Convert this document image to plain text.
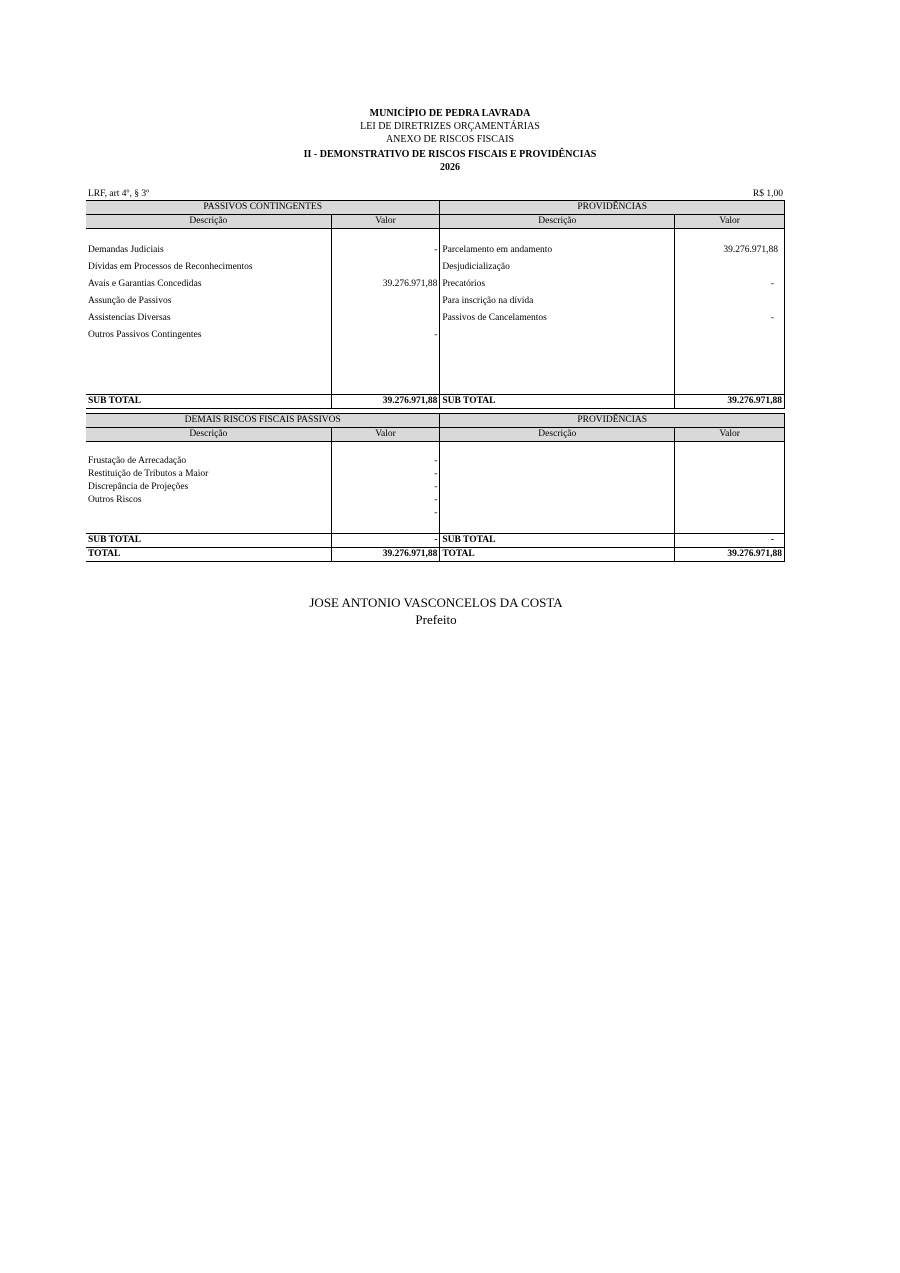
MUNICÍPIO DE PEDRA LAVRADA
LEI DE DIRETRIZES ORÇAMENTÁRIAS
ANEXO DE RISCOS FISCAIS
II - DEMONSTRATIVO DE RISCOS FISCAIS E PROVIDÊNCIAS
2026
LRF, art 4º, § 3º	R$ 1,00
PASSIVOS CONTINGENTES		PROVIDÊNCIAS	
Descrição	Valor	Descrição	Valor

Demandas Judiciais	-	Parcelamento em andamento	39.276.971,88
Dívidas em Processos de Reconhecimentos		Desjudicialização	
Avais e Garantias Concedidas	39.276.971,88	Precatórios	-
Assunção de Passivos		Para inscrição na dívida	
Assistencias Diversas		Passivos de Cancelamentos	-
Outros Passivos Contingentes	-		

SUB TOTAL	39.276.971,88	SUB TOTAL	39.276.971,88
DEMAIS RISCOS FISCAIS PASSIVOS		PROVIDÊNCIAS	
Descrição	Valor	Descrição	Valor

Frustação de Arrecadação	-		
Restituição de Tributos a Maior	-		
Discrepância de Projeções	-		
Outros Riscos	-		
	-		

SUB TOTAL	-	SUB TOTAL	-
TOTAL	39.276.971,88	TOTAL	39.276.971,88
JOSE ANTONIO VASCONCELOS DA COSTA
Prefeito
